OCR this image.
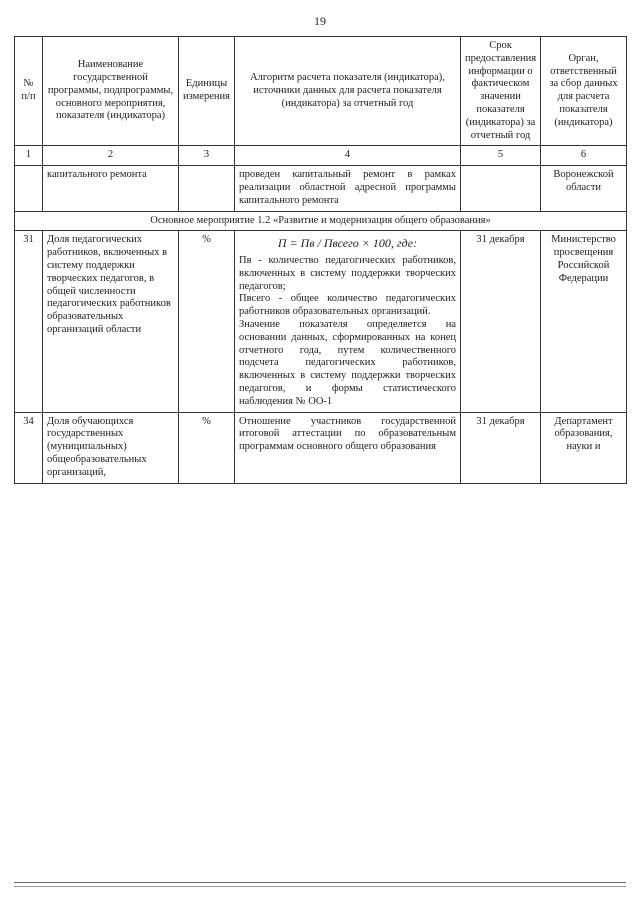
19
№ п/п	Наименование государственной программы, подпрограммы, основного мероприятия, показателя (индикатора)	Единицы измерения	Алгоритм расчета показателя (индикатора), источники данных для расчета показателя (индикатора) за отчетный год	Срок предоставления информации о фактическом значении показателя (индикатора) за отчетный год	Орган, ответственный за сбор данных для расчета показателя (индикатора)
1	2	3	4	5	6
	капитального ремонта		проведен капитальный ремонт в рамках реализации областной адресной программы капитального ремонта		Воронежской области
Основное мероприятие 1.2 «Развитие и модернизация общего образования»					
31	Доля педагогических работников, включенных в систему поддержки творческих педагогов, в общей численности педагогических работников образовательных организаций области	%	П = Пв / Пвсего × 100, где:
Пв - количество педагогических работников, включенных в систему поддержки творческих педагогов;
Пвсего - общее количество педагогических работников образовательных организаций.
Значение показателя определяется на основании данных, сформированных на конец отчетного года, путем количественного подсчета педагогических работников, включенных в систему поддержки творческих педагогов, и формы статистического наблюдения № ОО-1	31 декабря	Министерство просвещения Российской Федерации
34	Доля обучающихся государственных (муниципальных) общеобразовательных организаций,	%	Отношение участников государственной итоговой аттестации по образовательным программам основного общего образования	31 декабря	Департамент образования, науки и
